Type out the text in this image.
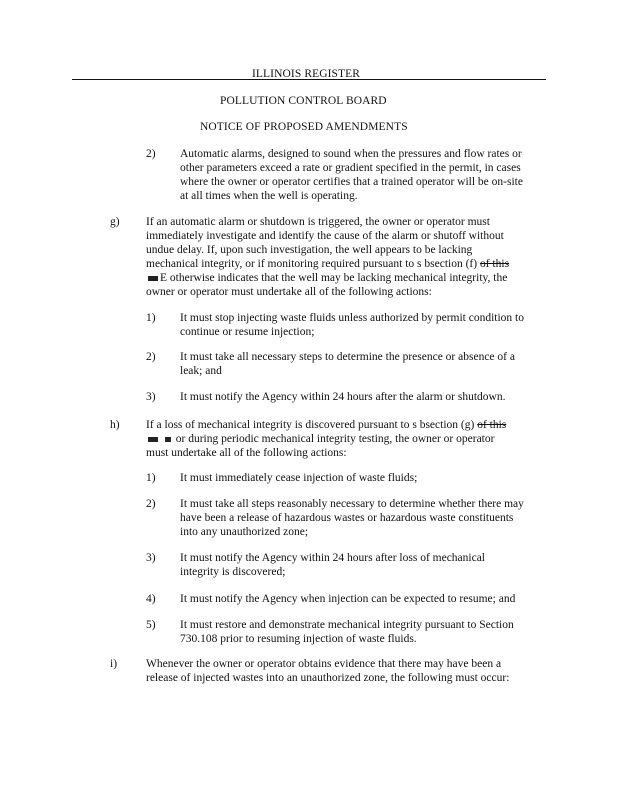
ILLINOIS REGISTER
POLLUTION CONTROL BOARD
NOTICE OF PROPOSED AMENDMENTS
2) Automatic alarms, designed to sound when the pressures and flow rates or
other parameters exceed a rate or gradient specified in the permit, in cases
where the owner or operator certifies that a trained operator will be on-site
at all times when the well is operating.
g) If an automatic alarm or shutdown is triggered, the owner or operator must
immediately investigate and identify the cause of the alarm or shutoff without
undue delay. If, upon such investigation, the well appears to be lacking
mechanical integrity, or if monitoring required pursuant to s bsection (f) of this
E otherwise indicates that the well may be lacking mechanical integrity, the
owner or operator must undertake all of the following actions:
1) It must stop injecting waste fluids unless authorized by permit condition to
continue or resume injection;
2) It must take all necessary steps to determine the presence or absence of a
leak; and
3) It must notify the Agency within 24 hours after the alarm or shutdown.
h) If a loss of mechanical integrity is discovered pursuant to s bsection (g) of this
or during periodic mechanical integrity testing, the owner or operator
must undertake all of the following actions:
1) It must immediately cease injection of waste fluids;
2) It must take all steps reasonably necessary to determine whether there may
have been a release of hazardous wastes or hazardous waste constituents
into any unauthorized zone;
3) It must notify the Agency within 24 hours after loss of mechanical
integrity is discovered;
4) It must notify the Agency when injection can be expected to resume; and
5) It must restore and demonstrate mechanical integrity pursuant to Section
730.108 prior to resuming injection of waste fluids.
i)	Whenever the owner or operator obtains evidence that there may have been a
release of injected wastes into an unauthorized zone, the following must occur:
